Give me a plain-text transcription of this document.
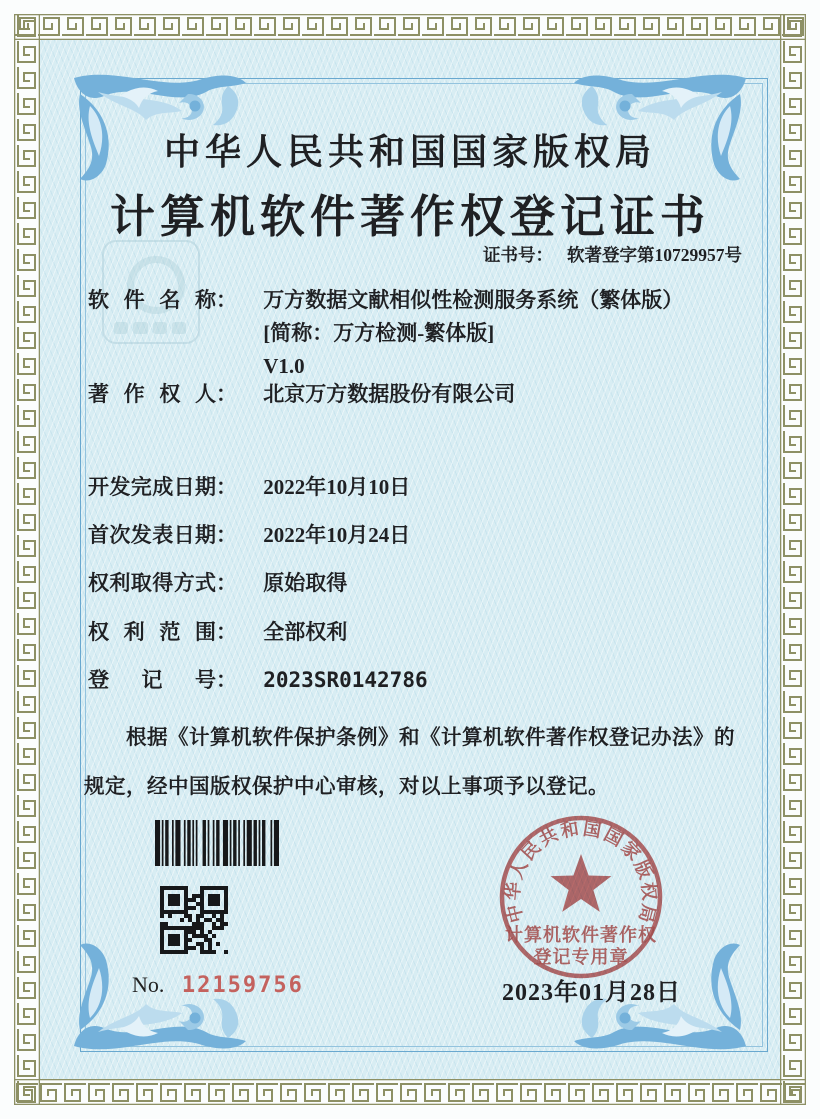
中华人民共和国国家版权局
计算机软件著作权登记证书
证书号： 软著登字第10729957号
软件名称： 万方数据文献相似性检测服务系统（繁体版）
[简称：万方检测-繁体版]
V1.0
著作权人： 北京万方数据股份有限公司
开发完成日期： 2022年10月10日
首次发表日期： 2022年10月24日
权利取得方式： 原始取得
权利范围： 全部权利
登记号： 2023SR0142786
根据《计算机软件保护条例》和《计算机软件著作权登记办法》的
规定，经中国版权保护中心审核，对以上事项予以登记。
中
华
人
民
共
和 国
国
家
版
权
局
计算机软件著作权
登记专用章
No. 12159756	2023年01月28日
